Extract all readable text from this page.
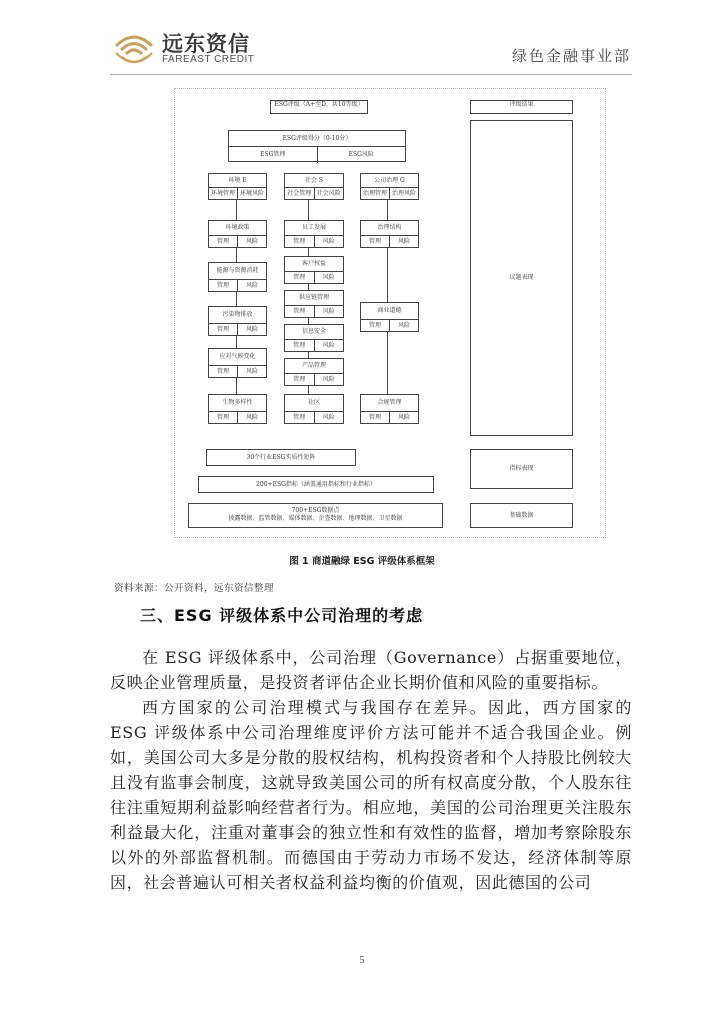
远东资信
FAREAST CREDIT	绿色金融事业部
ESG评级（A+至D，共10等级）	评级结果
议题表现
ESG评级得分（0-10分）
ESG管理	ESG风险
环境 E
环境管理 环境风险
社会 S
社会管理 社会风险
公司治理 G
治理管理 治理风险
环境政策
管理	风险
能源与资源消耗
管理	风险
污染物排放
管理	风险
应对气候变化
管理	风险
生物多样性
管理	风险
员工发展
管理	风险
客户权益
管理	风险
供应链管理
管理	风险
信息安全
管理	风险
产品管理
管理	风险
社区
管理	风险
治理结构
管理	风险
商业道德
管理	风险
合规管理
管理	风险
30个行业ESG实质性矩阵
指标表现
200+ESG指标（涵盖通用指标和行业指标）
700+ESG数据点
披露数据、监管数据、媒体数据、企查数据、地理数据、卫星数据	基础数据
图 1 商道融绿 ESG 评级体系框架
资料来源：公开资料，远东资信整理
三、ESG 评级体系中公司治理的考虑

在 ESG 评级体系中，公司治理（Governance）占据重要地位，反映企业管理质量，是投资者评估企业长期价值和风险的重要指标。

西方国家的公司治理模式与我国存在差异。因此，西方国家的 ESG 评级体系中公司治理维度评价方法可能并不适合我国企业。例如，美国公司大多是分散的股权结构，机构投资者和个人持股比例较大且没有监事会制度，这就导致美国公司的所有权高度分散，个人股东往往注重短期利益影响经营者行为。相应地，美国的公司治理更关注股东利益最大化，注重对董事会的独立性和有效性的监督，增加考察除股东以外的外部监督机制。而德国由于劳动力市场不发达，经济体制等原因，社会普遍认可相关者权益利益均衡的价值观，因此德国的公司

5
